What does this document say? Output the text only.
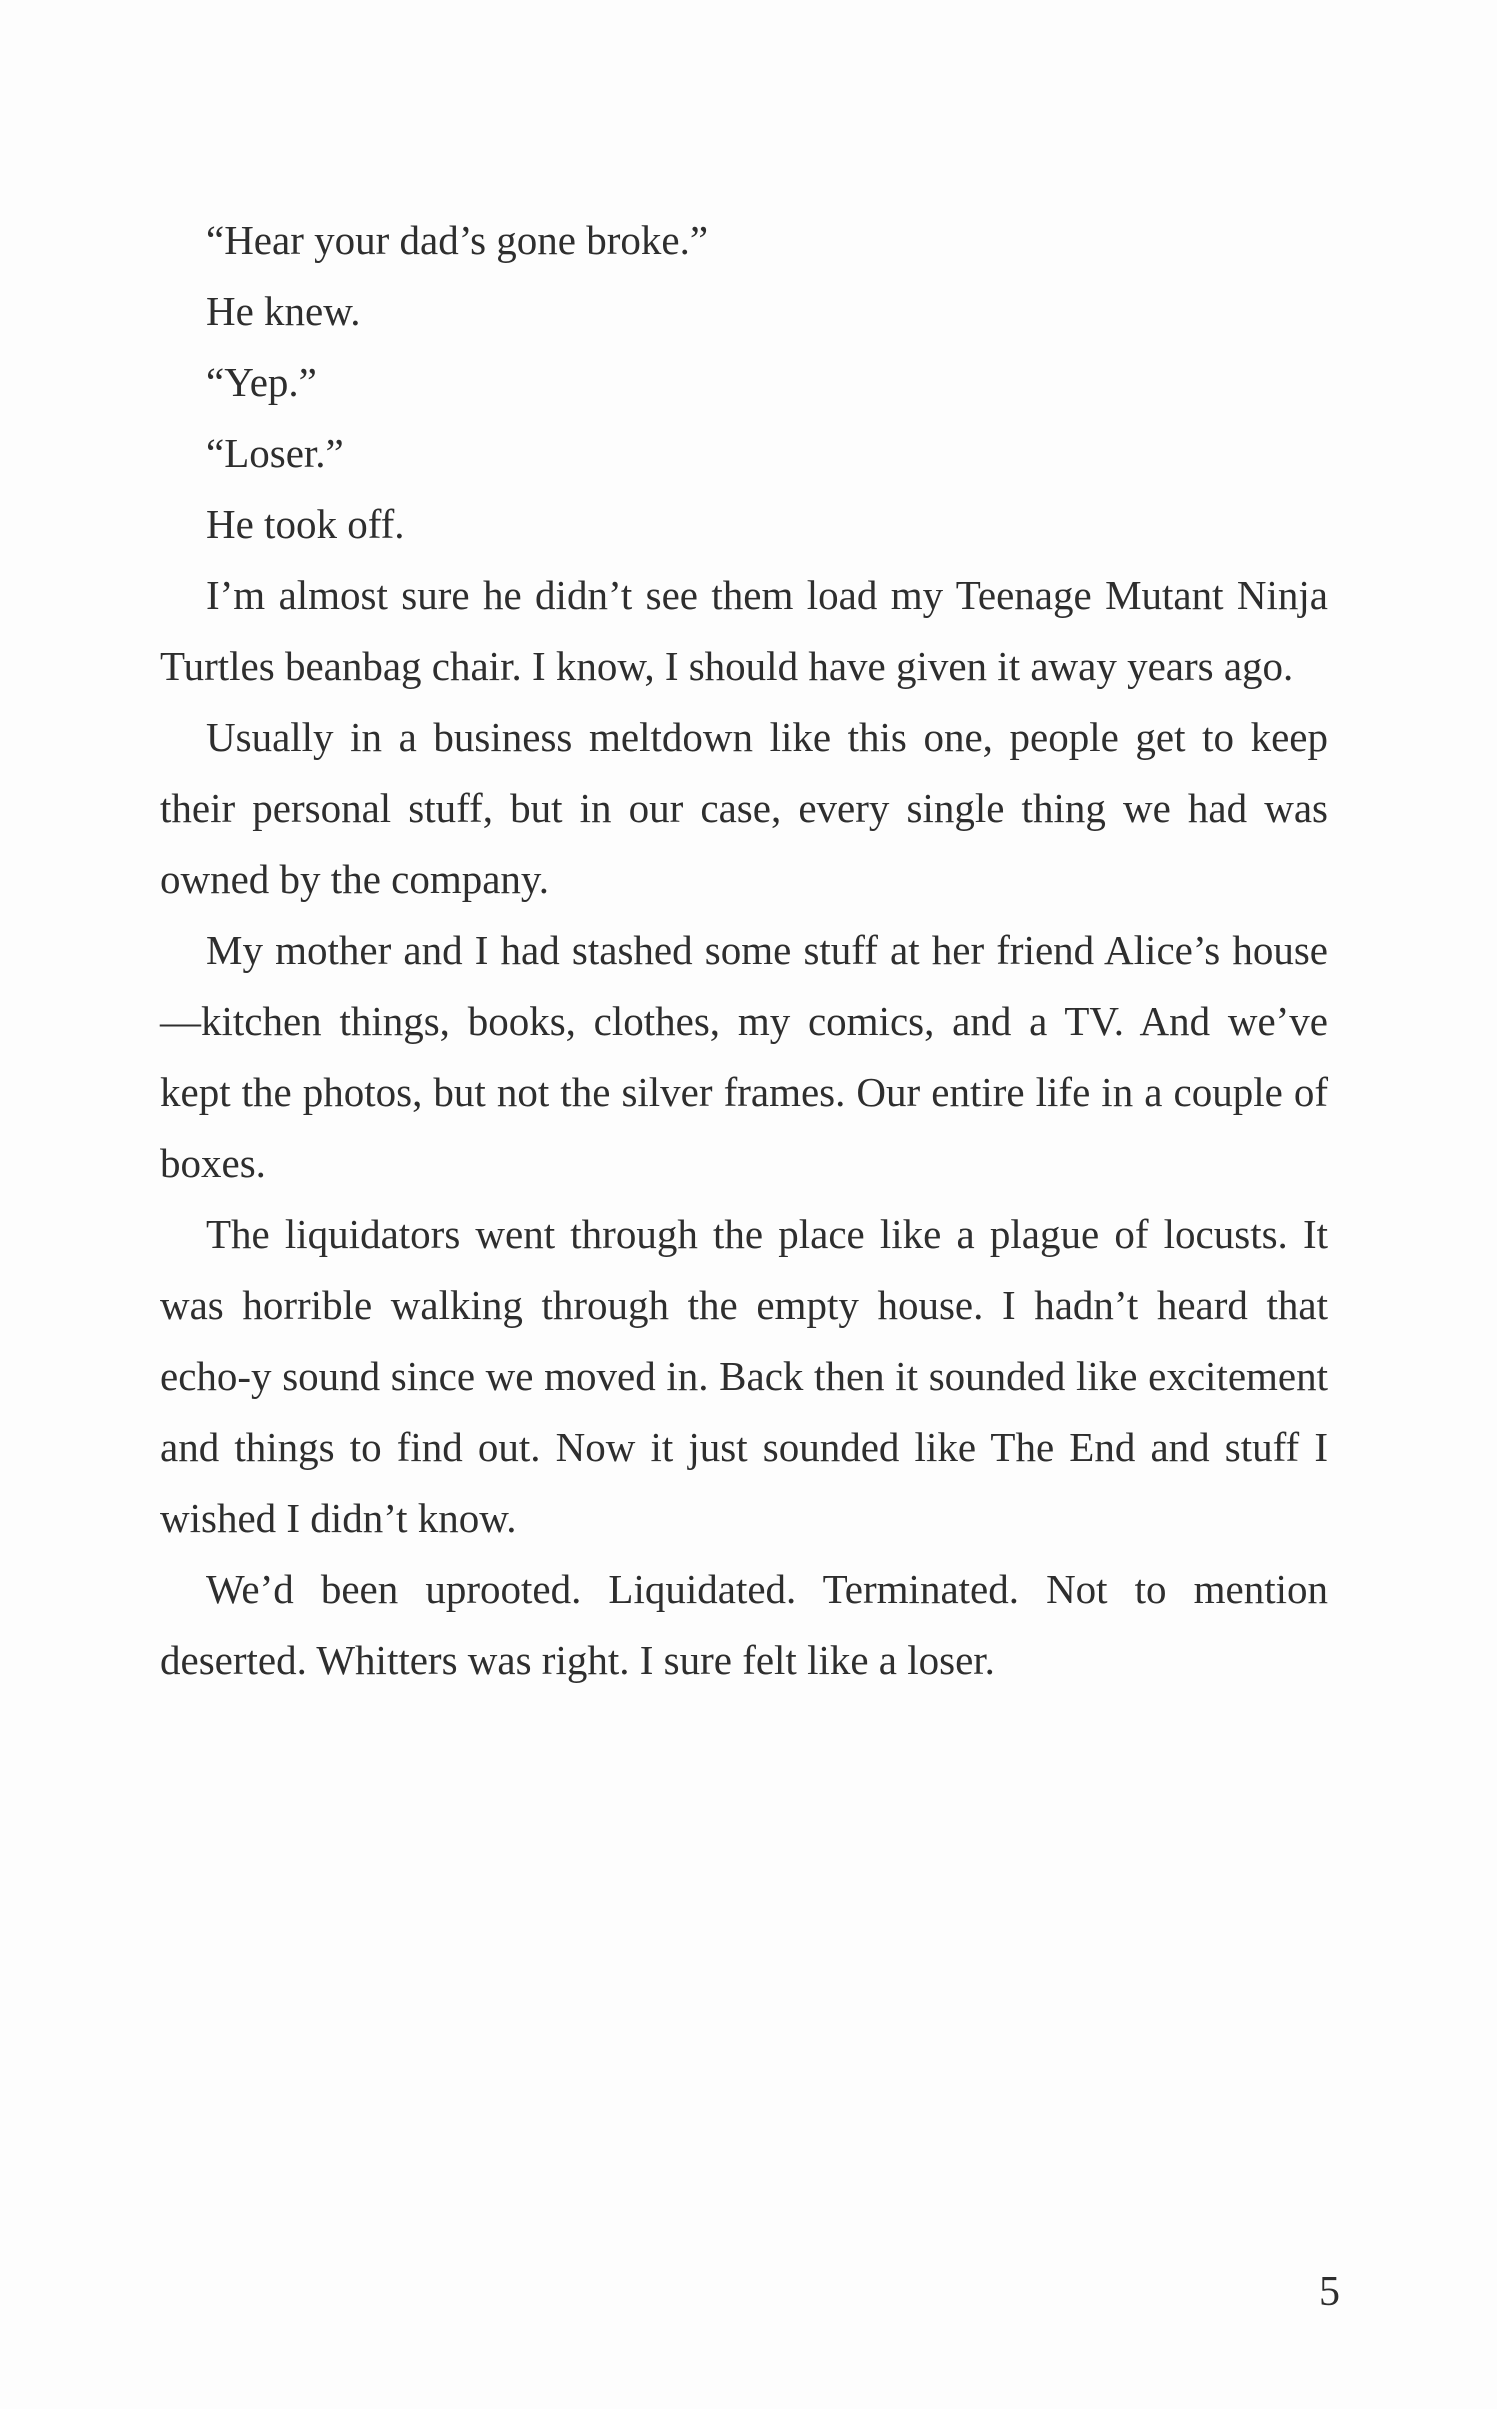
“Hear your dad’s gone broke.”

He knew.

“Yep.”

“Loser.”

He took off.

I’m almost sure he didn’t see them load my Teenage Mutant Ninja Turtles beanbag chair. I know, I should have given it away years ago.

Usually in a business meltdown like this one, people get to keep their personal stuff, but in our case, every single thing we had was owned by the company.

My mother and I had stashed some stuff at her friend Alice’s house—kitchen things, books, clothes, my comics, and a TV. And we’ve kept the photos, but not the silver frames. Our entire life in a couple of boxes.

The liquidators went through the place like a plague of locusts. It was horrible walking through the empty house. I hadn’t heard that echo-y sound since we moved in. Back then it sounded like excitement and things to find out. Now it just sounded like The End and stuff I wished I didn’t know.

We’d been uprooted. Liquidated. Terminated. Not to mention deserted. Whitters was right. I sure felt like a loser.

5
